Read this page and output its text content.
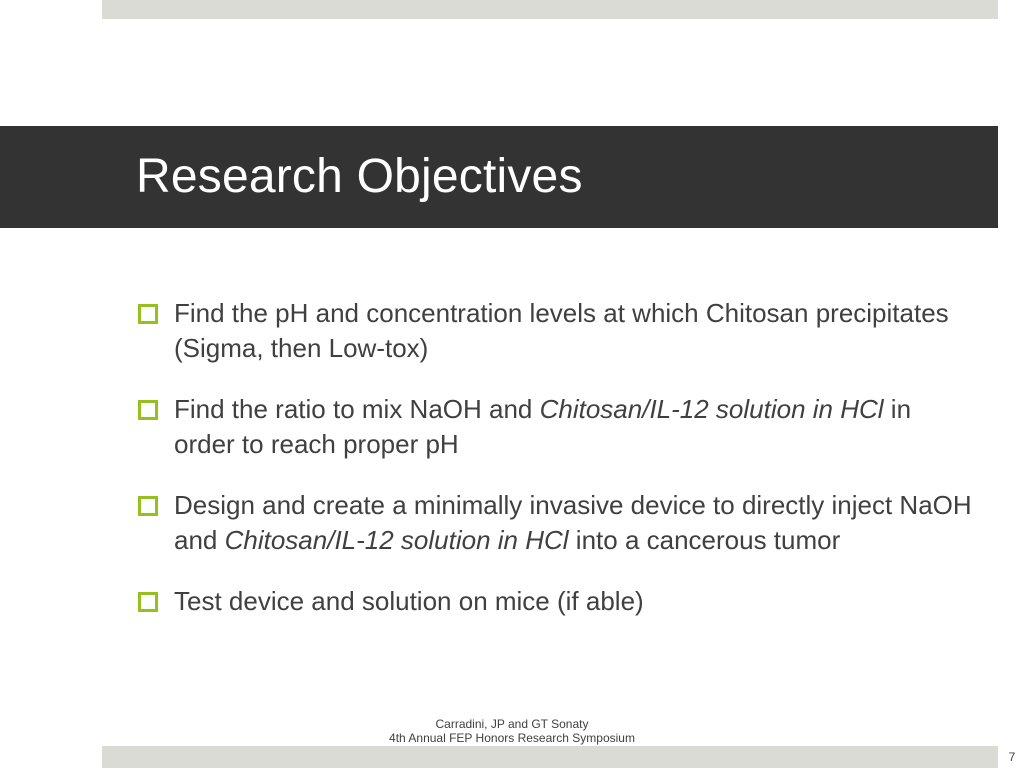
Research Objectives
Find the pH and concentration levels at which Chitosan precipitates (Sigma, then Low-tox)
Find the ratio to mix NaOH and Chitosan/IL-12 solution in HCl in order to reach proper pH
Design and create a minimally invasive device to directly inject NaOH and Chitosan/IL-12 solution in HCl into a cancerous tumor
Test device and solution on mice (if able)
Carradini, JP and GT Sonaty
4th Annual FEP Honors Research Symposium
7
